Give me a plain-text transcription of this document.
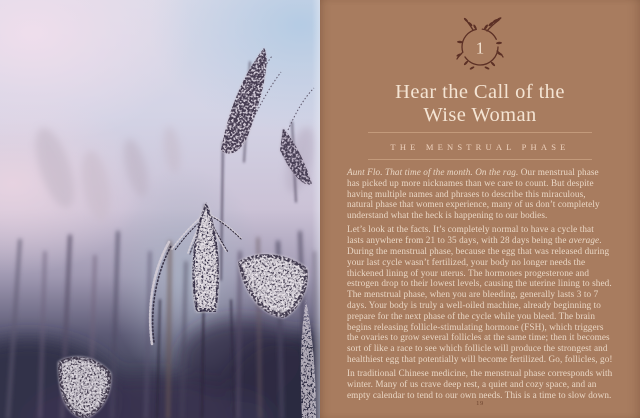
1
Hear the Call of the
Wise Woman
THE MENSTRUAL PHASE

Aunt Flo. That time of the month. On the rag. Our menstrual phase has picked up more nicknames than we care to count. But despite having multiple names and phrases to describe this miraculous, natural phase that women experience, many of us don’t completely understand what the heck is happening to our bodies.

Let’s look at the facts. It’s completely normal to have a cycle that lasts anywhere from 21 to 35 days, with 28 days being the average. During the menstrual phase, because the egg that was released during your last cycle wasn’t fertilized, your body no longer needs the thickened lining of your uterus. The hormones progesterone and estrogen drop to their lowest levels, causing the uterine lining to shed. The menstrual phase, when you are bleeding, generally lasts 3 to 7 days. Your body is truly a well-oiled machine, already beginning to prepare for the next phase of the cycle while you bleed. The brain begins releasing follicle-stimulating hormone (FSH), which triggers the ovaries to grow several follicles at the same time; then it becomes sort of like a race to see which follicle will produce the strongest and healthiest egg that potentially will become fertilized. Go, follicles, go!

In traditional Chinese medicine, the menstrual phase corresponds with winter. Many of us crave deep rest, a quiet and cozy space, and an empty calendar to tend to our own needs. This is a time to slow down.

19
